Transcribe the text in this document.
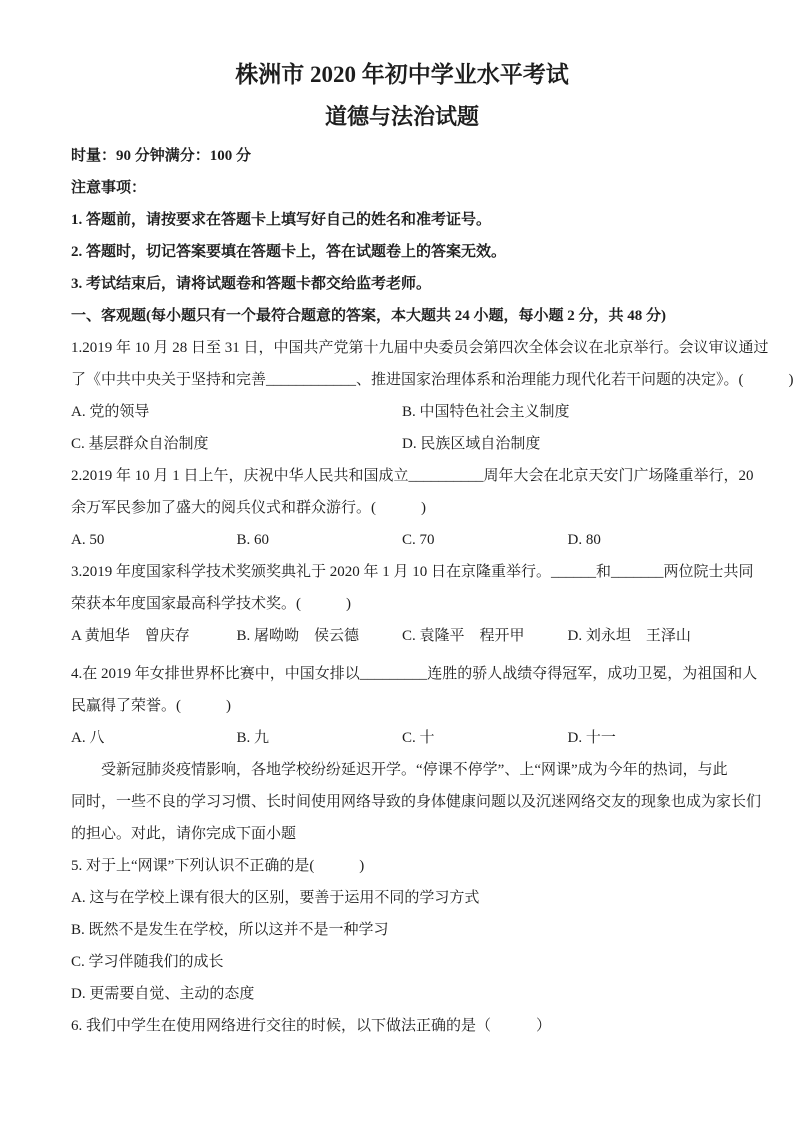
株洲市 2020 年初中学业水平考试
道德与法治试题
时量：90 分钟满分：100 分
注意事项：
1. 答题前，请按要求在答题卡上填写好自己的姓名和准考证号。
2. 答题时，切记答案要填在答题卡上，答在试题卷上的答案无效。
3. 考试结束后，请将试题卷和答题卡都交给监考老师。
一、客观题(每小题只有一个最符合题意的答案，本大题共 24 小题，每小题 2 分，共 48 分)
1.2019 年 10 月 28 日至 31 日，中国共产党第十九届中央委员会第四次全体会议在北京举行。会议审议通过
了《中共中央关于坚持和完善____________、推进国家治理体系和治理能力现代化若干问题的决定》。(　　　)
A. 党的领导	B. 中国特色社会主义制度
C. 基层群众自治制度	D. 民族区域自治制度
2.2019 年 10 月 1 日上午，庆祝中华人民共和国成立__________周年大会在北京天安门广场隆重举行，20
余万军民参加了盛大的阅兵仪式和群众游行。(　　　)
A. 50	B. 60	C. 70	D. 80
3.2019 年度国家科学技术奖颁奖典礼于 2020 年 1 月 10 日在京隆重举行。______和_______两位院士共同
荣获本年度国家最高科学技术奖。(　　　)
A 黄旭华　曾庆存	B. 屠呦呦　侯云德	C. 袁隆平　程开甲	D. 刘永坦　王泽山
4.在 2019 年女排世界杯比赛中，中国女排以_________连胜的骄人战绩夺得冠军，成功卫冕，为祖国和人
民赢得了荣誉。(　　　)
A. 八	B. 九	C. 十	D. 十一
　　受新冠肺炎疫情影响，各地学校纷纷延迟开学。“停课不停学”、上“网课”成为今年的热词，与此
同时，一些不良的学习习惯、长时间使用网络导致的身体健康问题以及沉迷网络交友的现象也成为家长们
的担心。对此，请你完成下面小题
5. 对于上“网课”下列认识不正确的是(　　　)
A. 这与在学校上课有很大的区别，要善于运用不同的学习方式
B. 既然不是发生在学校，所以这并不是一种学习
C. 学习伴随我们的成长
D. 更需要自觉、主动的态度
6. 我们中学生在使用网络进行交往的时候，以下做法正确的是（　　　）
